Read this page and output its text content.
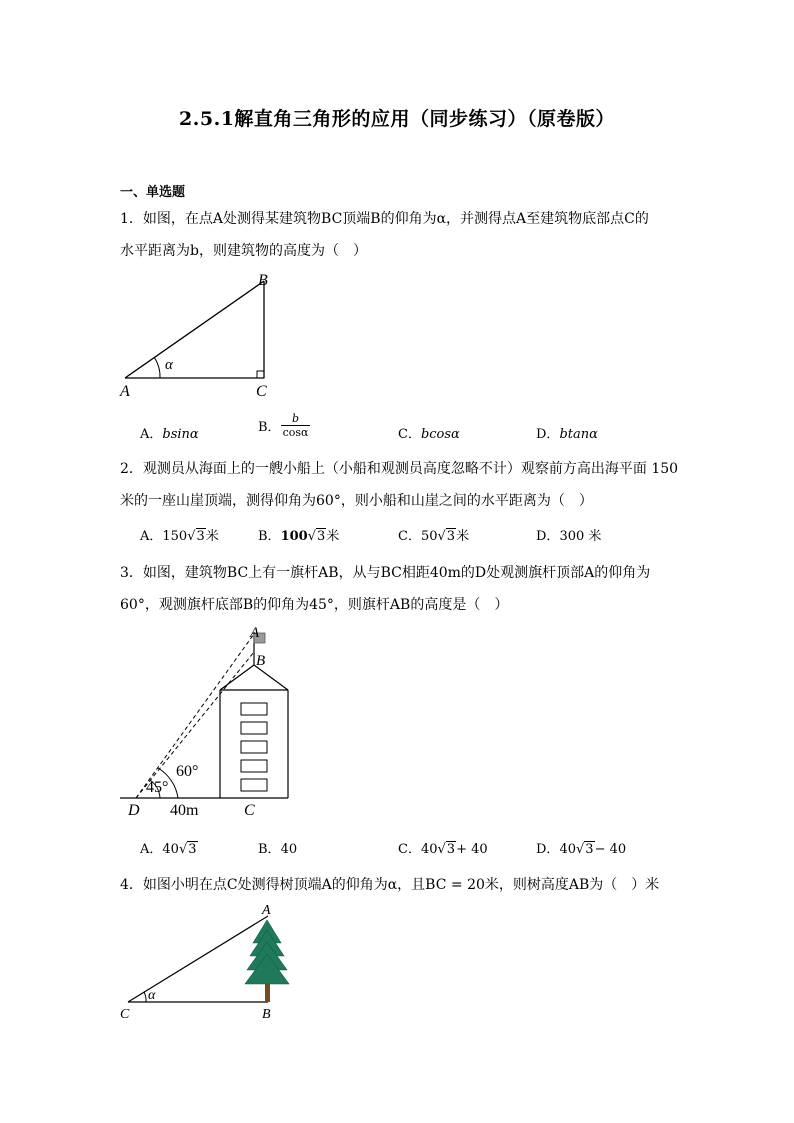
2.5.1解直角三角形的应用（同步练习）（原卷版）
一、单选题
1．如图，在点A处测得某建筑物BC顶端B的仰角为α，并测得点A至建筑物底部点C的
水平距离为b，则建筑物的高度为（　）
α
A
B
C
A．bsinα	B． $\frac{b}{\cos\alpha}$	C．bcosα	D．btanα
2．观测员从海面上的一艘小船上（小船和观测员高度忽略不计）观察前方高出海平面 150
米的一座山崖顶端，测得仰角为60°，则小船和山崖之间的水平距离为（　）
A．150√3米	B．100√3米	C．50√3米	D．300 米
3．如图，建筑物BC上有一旗杆AB，从与BC相距40m的D处观测旗杆顶部A的仰角为
60°，观测旗杆底部B的仰角为45°，则旗杆AB的高度是（　）
60°
45°
D 40m	C
A
B
A．40√3	B．40	C．40√3+ 40	D．40√3− 40
4．如图小明在点C处测得树顶端A的仰角为α，且BC = 20米，则树高度AB为（　）米
α
A
B
C
